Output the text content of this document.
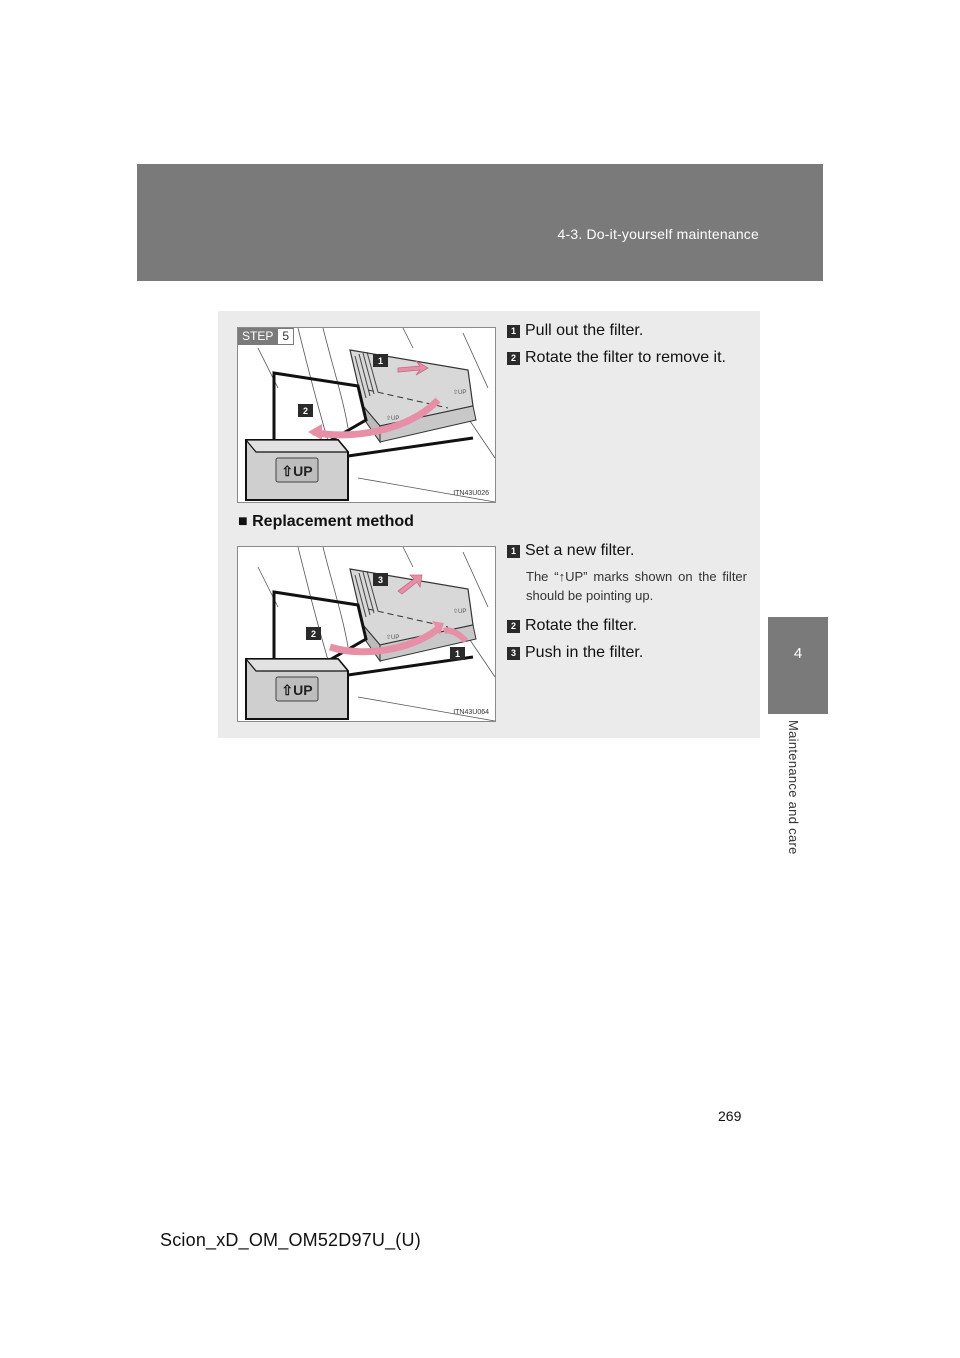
4-3. Do-it-yourself maintenance
4
Maintenance and care
1
2
⇧UP
⇧UP
⇧UP
STEP 5
ITN43U026
1 Pull out the filter.
2 Rotate the filter to remove it.
■ Replacement method
3
2
1
⇧UP
⇧UP
⇧UP
ITN43U064
1 Set a new filter.
The “↑UP” marks shown on the filter should be pointing up.
2 Rotate the filter.
3 Push in the filter.
269
Scion_xD_OM_OM52D97U_(U)
